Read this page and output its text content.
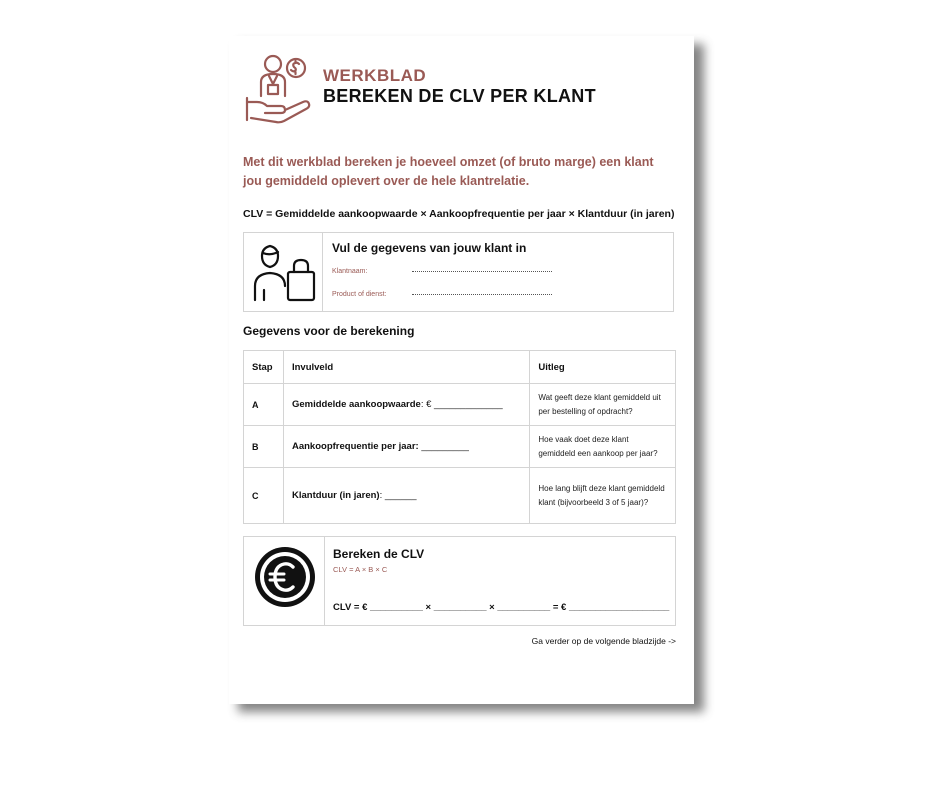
WERKBLAD
BEREKEN DE CLV PER KLANT
Met dit werkblad bereken je hoeveel omzet (of bruto marge) een klant jou gemiddeld oplevert over de hele klantrelatie.
CLV = Gemiddelde aankoopwaarde × Aankoopfrequentie per jaar × Klantduur (in jaren)
Vul de gegevens van jouw klant in
Klantnaam:
Product of dienst:
Gegevens voor de berekening
Stap	Invulveld	Uitleg
A	Gemiddelde aankoopwaarde: € _____________	Wat geeft deze klant gemiddeld uit per bestelling of opdracht?
B	Aankoopfrequentie per jaar: _________	Hoe vaak doet deze klant gemiddeld een aankoop per jaar?
C	Klantduur (in jaren): ______	Hoe lang blijft deze klant gemiddeld klant (bijvoorbeeld 3 of 5 jaar)?
Bereken de CLV
CLV = A × B × C
CLV = € __________ × __________ × __________ = € ___________________
Ga verder op de volgende bladzijde ->
